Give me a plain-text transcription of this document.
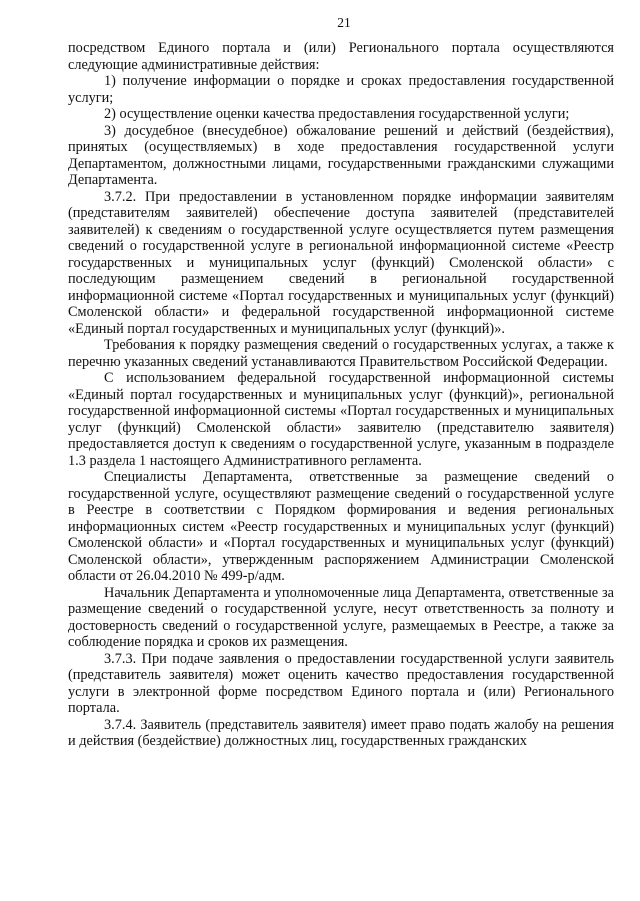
21

посредством Единого портала и (или) Регионального портала осуществляются следующие административные действия:

1) получение информации о порядке и сроках предоставления государственной услуги;

2) осуществление оценки качества предоставления государственной услуги;

3) досудебное (внесудебное) обжалование решений и действий (бездействия), принятых (осуществляемых) в ходе предоставления государственной услуги Департаментом, должностными лицами, государственными гражданскими служащими Департамента.

3.7.2. При предоставлении в установленном порядке информации заявителям (представителям заявителей) обеспечение доступа заявителей (представителей заявителей) к сведениям о государственной услуге осуществляется путем размещения сведений о государственной услуге в региональной информационной системе «Реестр государственных и муниципальных услуг (функций) Смоленской области» с последующим размещением сведений в региональной государственной информационной системе «Портал государственных и муниципальных услуг (функций) Смоленской области» и федеральной государственной информационной системе «Единый портал государственных и муниципальных услуг (функций)».

Требования к порядку размещения сведений о государственных услугах, а также к перечню указанных сведений устанавливаются Правительством Российской Федерации.

С использованием федеральной государственной информационной системы «Единый портал государственных и муниципальных услуг (функций)», региональной государственной информационной системы «Портал государственных и муниципальных услуг (функций) Смоленской области» заявителю (представителю заявителя) предоставляется доступ к сведениям о государственной услуге, указанным в подразделе 1.3 раздела 1 настоящего Административного регламента.

Специалисты Департамента, ответственные за размещение сведений о государственной услуге, осуществляют размещение сведений о государственной услуге в Реестре в соответствии с Порядком формирования и ведения региональных информационных систем «Реестр государственных и муниципальных услуг (функций) Смоленской области» и «Портал государственных и муниципальных услуг (функций) Смоленской области», утвержденным распоряжением Администрации Смоленской области от 26.04.2010 № 499-р/адм.

Начальник Департамента и уполномоченные лица Департамента, ответственные за размещение сведений о государственной услуге, несут ответственность за полноту и достоверность сведений о государственной услуге, размещаемых в Реестре, а также за соблюдение порядка и сроков их размещения.

3.7.3. При подаче заявления о предоставлении государственной услуги заявитель (представитель заявителя) может оценить качество предоставления государственной услуги в электронной форме посредством Единого портала и (или) Регионального портала.

3.7.4. Заявитель (представитель заявителя) имеет право подать жалобу на решения и действия (бездействие) должностных лиц, государственных гражданских
